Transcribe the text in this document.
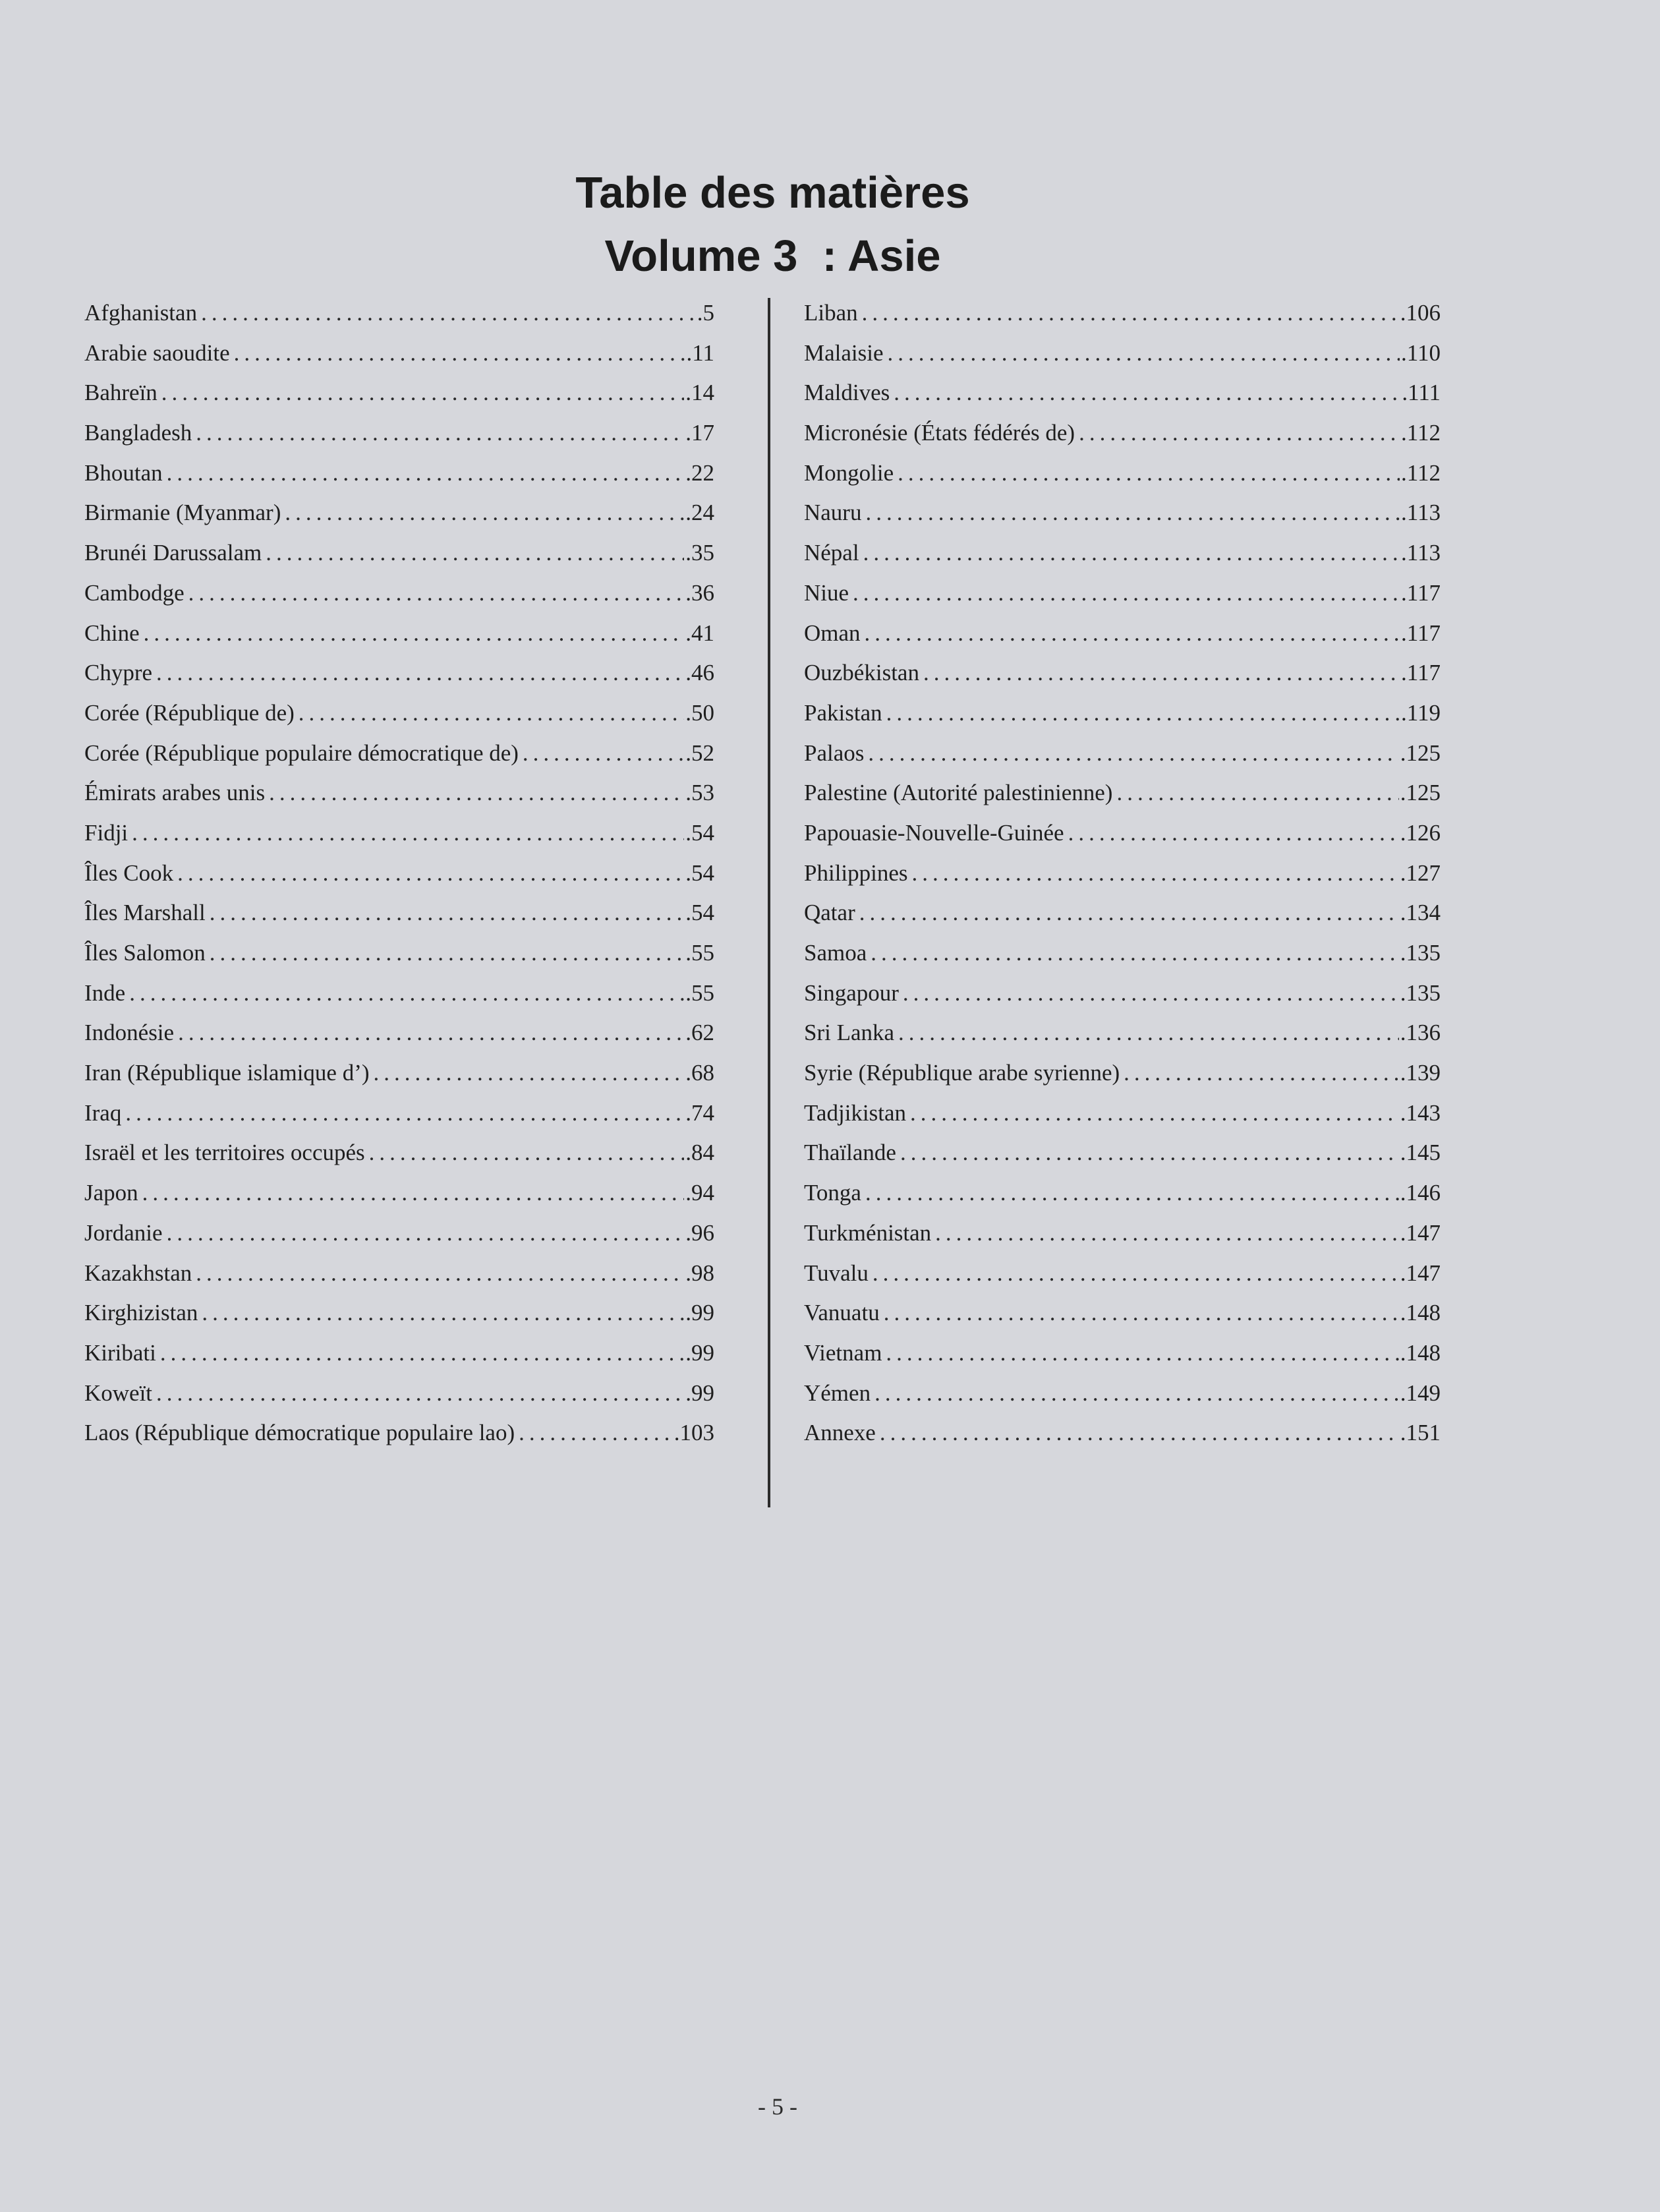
Table des matières
Volume 3  : Asie
Afghanistan .....	.5
Arabie saoudite .....	.11
Bahreïn .....	.14
Bangladesh .....	.17
Bhoutan .....	.22
Birmanie (Myanmar) .....	.24
Brunéi Darussalam .....	.35
Cambodge .....	.36
Chine .....	.41
Chypre .....	.46
Corée (République de) .....	.50
Corée (République populaire démocratique de) .....	.52
Émirats arabes unis .....	.53
Fidji .....	.54
Îles Cook .....	.54
Îles Marshall .....	.54
Îles Salomon .....	.55
Inde .....	.55
Indonésie .....	.62
Iran (République islamique d’) .....	.68
Iraq .....	.74
Israël et les territoires occupés .....	.84
Japon .....	.94
Jordanie .....	.96
Kazakhstan .....	.98
Kirghizistan .....	.99
Kiribati .....	.99
Koweït .....	.99
Laos (République démocratique populaire lao) .....	.103
Liban .....	.106
Malaisie .....	.110
Maldives .....	.111
Micronésie (États fédérés de) .....	.112
Mongolie .....	.112
Nauru .....	.113
Népal .....	.113
Niue .....	.117
Oman .....	.117
Ouzbékistan .....	.117
Pakistan .....	.119
Palaos .....	.125
Palestine (Autorité palestinienne) .....	.125
Papouasie-Nouvelle-Guinée .....	.126
Philippines .....	.127
Qatar .....	.134
Samoa .....	.135
Singapour .....	.135
Sri Lanka .....	.136
Syrie (République arabe syrienne) .....	.139
Tadjikistan .....	.143
Thaïlande .....	.145
Tonga .....	.146
Turkménistan .....	.147
Tuvalu .....	.147
Vanuatu .....	.148
Vietnam .....	.148
Yémen .....	.149
Annexe .....	.151
- 5 -
